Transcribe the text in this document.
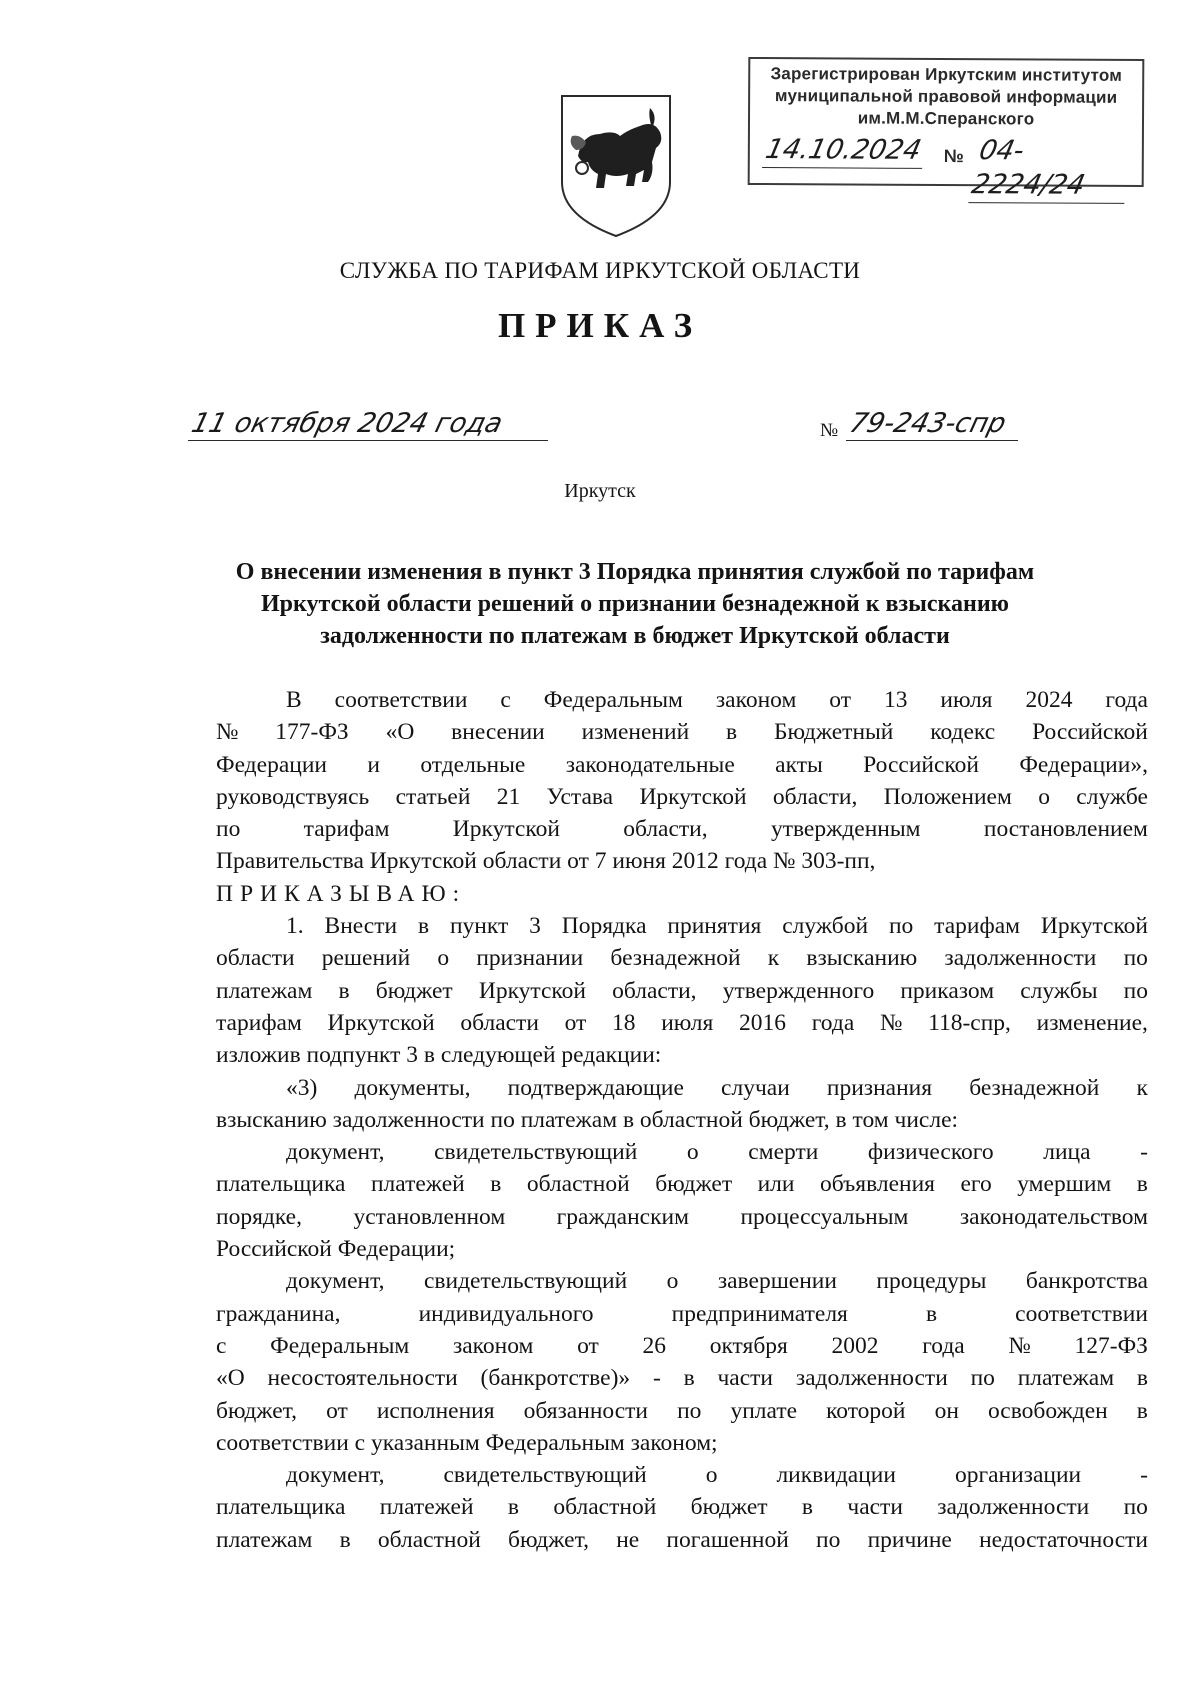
Зарегистрирован Иркутским институтом
муниципальной правовой информации
им.М.М.Сперанского
14.10.2024	№ 04-2224/24
СЛУЖБА ПО ТАРИФАМ ИРКУТСКОЙ ОБЛАСТИ
ПРИКАЗ
11 октября 2024 года	№ 79-243-спр
Иркутск
О внесении изменения в пункт 3 Порядка принятия службой по тарифам
Иркутской области решений о признании безнадежной к взысканию
задолженности по платежам в бюджет Иркутской области
В соответствии с Федеральным законом от 13 июля 2024 года
№ 177-ФЗ «О внесении изменений в Бюджетный кодекс Российской
Федерации и отдельные законодательные акты Российской Федерации»,
руководствуясь статьей 21 Устава Иркутской области, Положением о службе
по	тарифам	Иркутской	области,	утвержденным	постановлением
Правительства Иркутской области от 7 июня 2012 года № 303-пп,
ПРИКАЗЫВАЮ:
1. Внести в пункт 3 Порядка принятия службой по тарифам Иркутской
области решений о признании безнадежной к взысканию задолженности по
платежам в бюджет Иркутской области, утвержденного приказом службы по
тарифам Иркутской области от 18 июля 2016 года № 118-спр, изменение,
изложив подпункт 3 в следующей редакции:
«3) документы, подтверждающие случаи признания безнадежной к
взысканию задолженности по платежам в областной бюджет, в том числе:
документ, свидетельствующий о смерти физического лица -
плательщика платежей в областной бюджет или объявления его умершим в
порядке, установленном гражданским процессуальным законодательством
Российской Федерации;
документ, свидетельствующий о завершении процедуры банкротства
гражданина,	индивидуального	предпринимателя	в	соответствии
с Федеральным законом от 26 октября 2002 года № 127-ФЗ
«О несостоятельности (банкротстве)» - в части задолженности по платежам в
бюджет, от исполнения обязанности по уплате которой он освобожден в
соответствии с указанным Федеральным законом;
документ,	свидетельствующий	о	ликвидации	организации	-
плательщика платежей в областной бюджет в части задолженности по
платежам в областной бюджет, не погашенной по причине недостаточности
